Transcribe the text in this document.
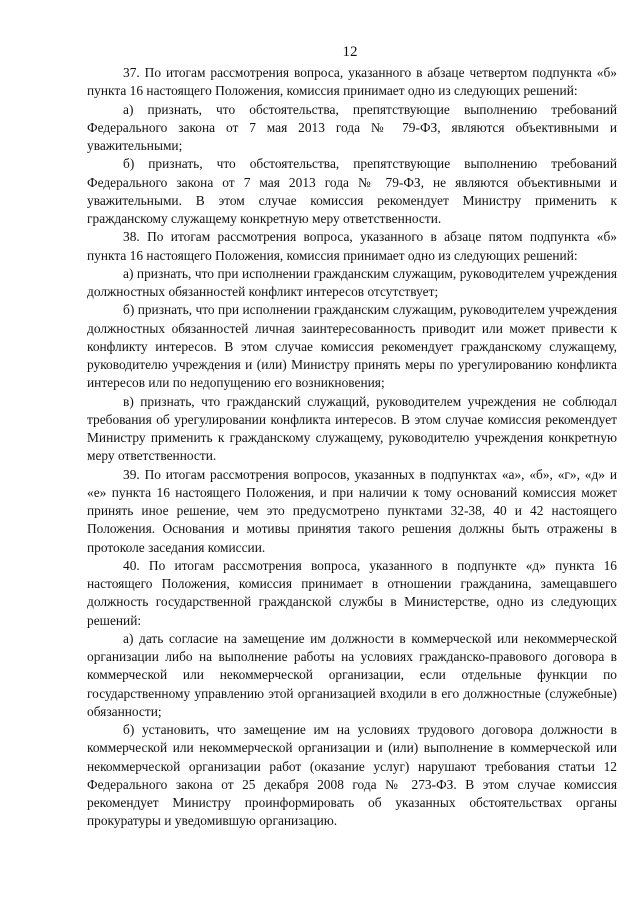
12

37. По итогам рассмотрения вопроса, указанного в абзаце четвертом подпункта «б» пункта 16 настоящего Положения, комиссия принимает одно из следующих решений:

а) признать, что обстоятельства, препятствующие выполнению требований Федерального закона от 7 мая 2013 года № 79-ФЗ, являются объективными и уважительными;

б) признать, что обстоятельства, препятствующие выполнению требований Федерального закона от 7 мая 2013 года № 79-ФЗ, не являются объективными и уважительными. В этом случае комиссия рекомендует Министру применить к гражданскому служащему конкретную меру ответственности.

38. По итогам рассмотрения вопроса, указанного в абзаце пятом подпункта «б» пункта 16 настоящего Положения, комиссия принимает одно из следующих решений:

а) признать, что при исполнении гражданским служащим, руководителем учреждения должностных обязанностей конфликт интересов отсутствует;

б) признать, что при исполнении гражданским служащим, руководителем учреждения должностных обязанностей личная заинтересованность приводит или может привести к конфликту интересов. В этом случае комиссия рекомендует гражданскому служащему, руководителю учреждения и (или) Министру принять меры по урегулированию конфликта интересов или по недопущению его возникновения;

в) признать, что гражданский служащий, руководителем учреждения не соблюдал требования об урегулировании конфликта интересов. В этом случае комиссия рекомендует Министру применить к гражданскому служащему, руководителю учреждения конкретную меру ответственности.

39. По итогам рассмотрения вопросов, указанных в подпунктах «а», «б», «г», «д» и «е» пункта 16 настоящего Положения, и при наличии к тому оснований комиссия может принять иное решение, чем это предусмотрено пунктами 32-38, 40 и 42 настоящего Положения. Основания и мотивы принятия такого решения должны быть отражены в протоколе заседания комиссии.

40. По итогам рассмотрения вопроса, указанного в подпункте «д» пункта 16 настоящего Положения, комиссия принимает в отношении гражданина, замещавшего должность государственной гражданской службы в Министерстве, одно из следующих решений:

а) дать согласие на замещение им должности в коммерческой или некоммерческой организации либо на выполнение работы на условиях гражданско-правового договора в коммерческой или некоммерческой организации, если отдельные функции по государственному управлению этой организацией входили в его должностные (служебные) обязанности;

б) установить, что замещение им на условиях трудового договора должности в коммерческой или некоммерческой организации и (или) выполнение в коммерческой или некоммерческой организации работ (оказание услуг) нарушают требования статьи 12 Федерального закона от 25 декабря 2008 года № 273-ФЗ. В этом случае комиссия рекомендует Министру проинформировать об указанных обстоятельствах органы прокуратуры и уведомившую организацию.
